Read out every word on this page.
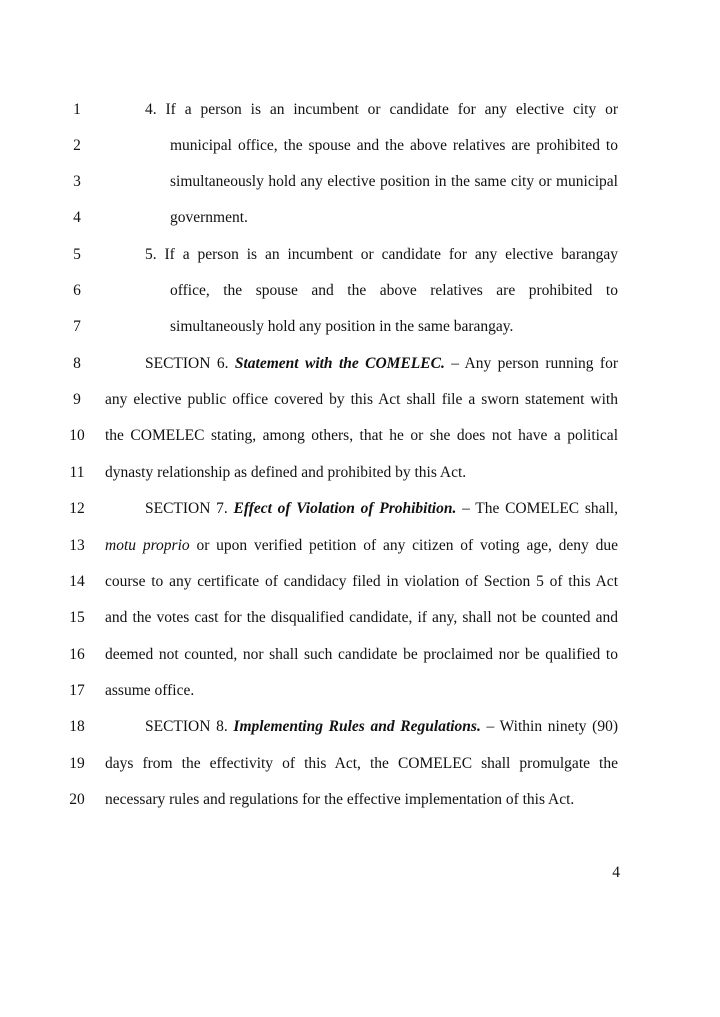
1	4. If a person is an incumbent or candidate for any elective city or
2	municipal office, the spouse and the above relatives are prohibited to
3	simultaneously hold any elective position in the same city or municipal
4	government.
5	5. If a person is an incumbent or candidate for any elective barangay
6	office, the spouse and the above relatives are prohibited to
7	simultaneously hold any position in the same barangay.
8	SECTION 6. Statement with the COMELEC. – Any person running for
9	any elective public office covered by this Act shall file a sworn statement with
10	the COMELEC stating, among others, that he or she does not have a political
11	dynasty relationship as defined and prohibited by this Act.
12	SECTION 7. Effect of Violation of Prohibition. – The COMELEC shall,
13	motu proprio or upon verified petition of any citizen of voting age, deny due
14	course to any certificate of candidacy filed in violation of Section 5 of this Act
15	and the votes cast for the disqualified candidate, if any, shall not be counted and
16	deemed not counted, nor shall such candidate be proclaimed nor be qualified to
17	assume office.
18	SECTION 8. Implementing Rules and Regulations. – Within ninety (90)
19	days from the effectivity of this Act, the COMELEC shall promulgate the
20	necessary rules and regulations for the effective implementation of this Act.
4
